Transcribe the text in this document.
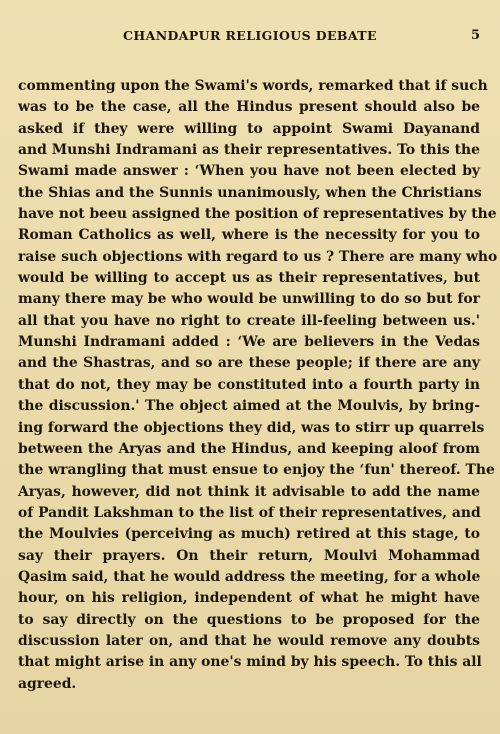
CHANDAPUR RELIGIOUS DEBATE	5
commenting upon the Swami's words, remarked that if such
was to be the case, all the Hindus present should also be
asked if they were willing to appoint Swami Dayanand
and Munshi Indramani as their representatives. To this the
Swami made answer : ‘When you have not been elected by
the Shias and the Sunnis unanimously, when the Christians
have not beeu assigned the position of representatives by the
Roman Catholics as well, where is the necessity for you to
raise such objections with regard to us ? There are many who
would be willing to accept us as their representatives, but
many there may be who would be unwilling to do so but for
all that you have no right to create ill-feeling between us.'
Munshi Indramani added : ‘We are believers in the Vedas
and the Shastras, and so are these people; if there are any
that do not, they may be constituted into a fourth party in
the discussion.' The object aimed at the Moulvis, by bring-
ing forward the objections they did, was to stirr up quarrels
between the Aryas and the Hindus, and keeping aloof from
the wrangling that must ensue to enjoy the ‘fun' thereof. The
Aryas, however, did not think it advisable to add the name
of Pandit Lakshman to the list of their representatives, and
the Moulvies (perceiving as much) retired at this stage, to
say their prayers. On their return, Moulvi Mohammad
Qasim said, that he would address the meeting, for a whole
hour, on his religion, independent of what he might have
to say directly on the questions to be proposed for the
discussion later on, and that he would remove any doubts
that might arise in any one's mind by his speech. To this all
agreed.
